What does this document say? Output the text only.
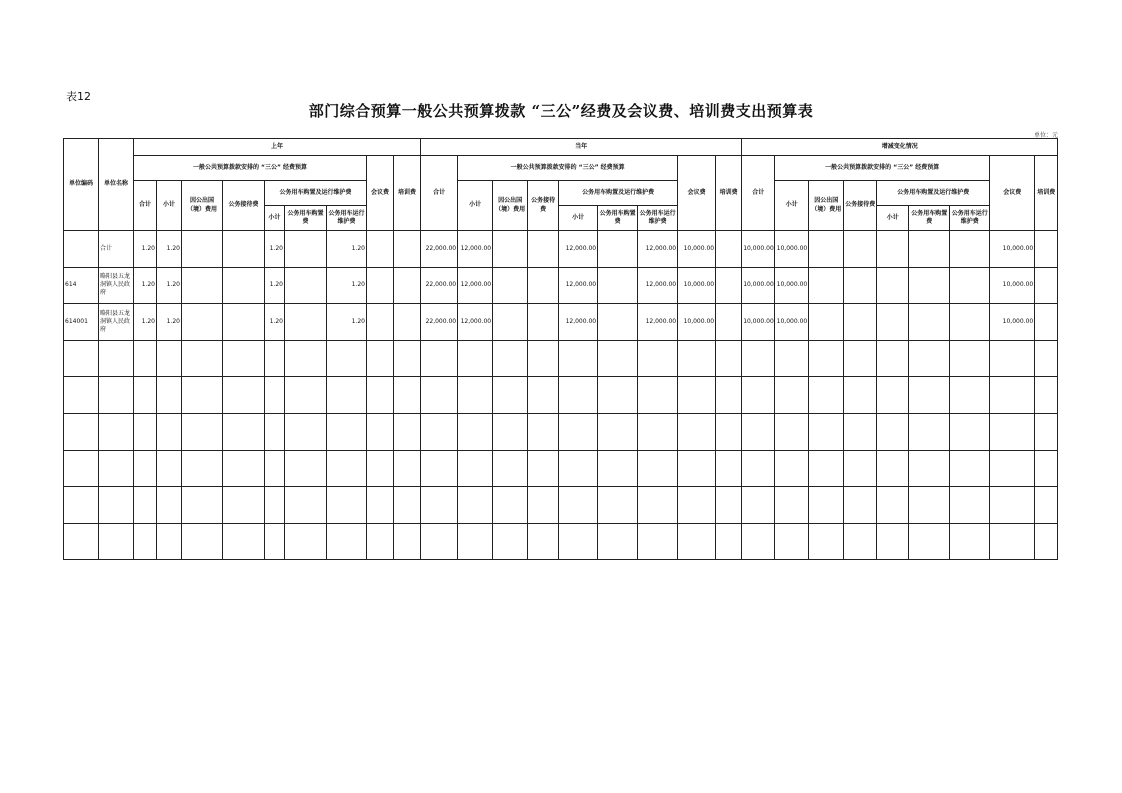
表12
部门综合预算一般公共预算拨款 “三公”经费及会议费、培训费支出预算表
单位：元
单位编码	单位名称	上年									当年									增减变化情况								
		一般公共预算拨款安排的 “三公” 经费预算							会议费	培训费	合计	一般公共预算拨款安排的 “三公” 经费预算						会议费	培训费	合计	一般公共预算拨款安排的 “三公” 经费预算						会议费	培训费
		合计	小计	因公出国（境）费用	公务接待费	公务用车购置及运行维护费						小计	因公出国（境）费用	公务接待费	公务用车购置及运行维护费						小计	因公出国（境）费用	公务接待费	公务用车购置及运行维护费				
						小计	公务用车购置费	公务用车运行维护费							小计	公务用车购置费	公务用车运行维护费							小计	公务用车购置费	公务用车运行维护费		
	合计	1.20	1.20			1.20		1.20			22,000.00	12,000.00			12,000.00		12,000.00	10,000.00		10,000.00	10,000.00						10,000.00	
614	略阳县五龙洞镇人民政府	1.20	1.20			1.20		1.20			22,000.00	12,000.00			12,000.00		12,000.00	10,000.00		10,000.00	10,000.00						10,000.00	
614001	略阳县五龙洞镇人民政府	1.20	1.20			1.20		1.20			22,000.00	12,000.00			12,000.00		12,000.00	10,000.00		10,000.00	10,000.00						10,000.00	
